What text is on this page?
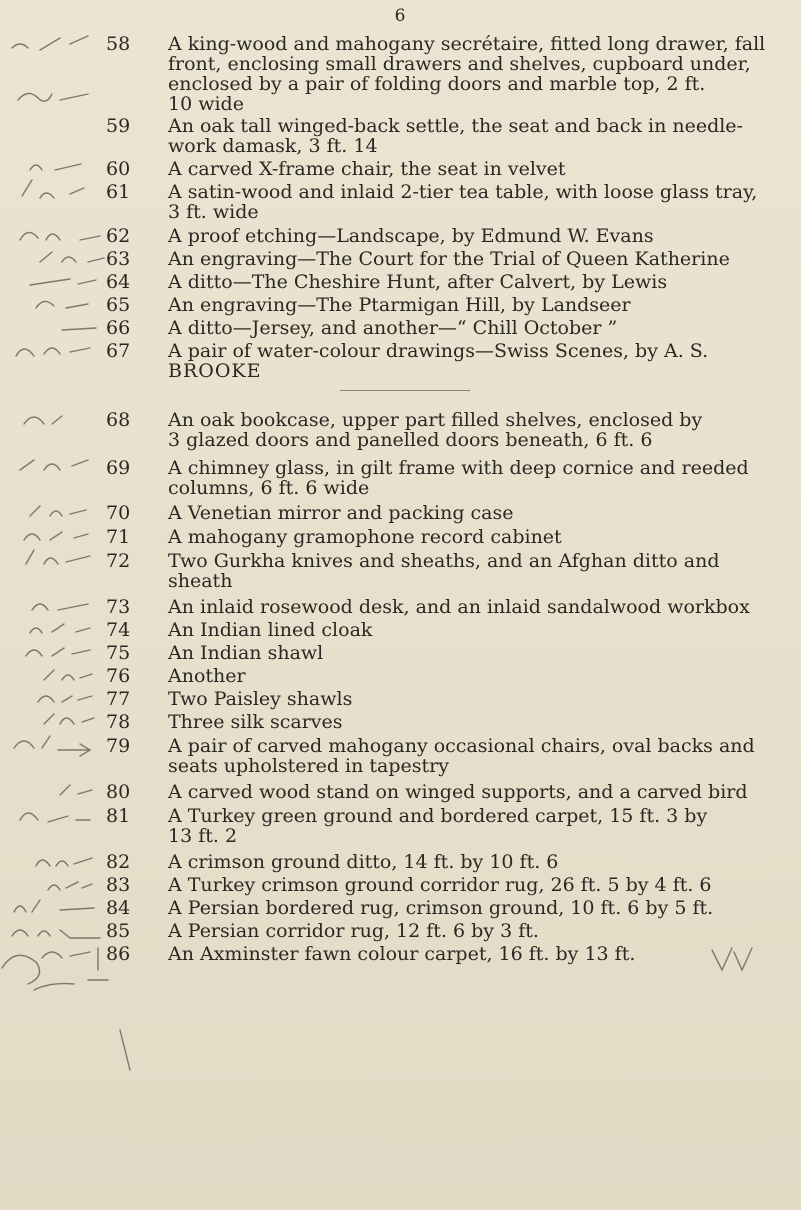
6
58	A king-wood and mahogany secrétaire, fitted long drawer, fall
front, enclosing small drawers and shelves, cupboard under,
enclosed by a pair of folding doors and marble top, 2 ft.
10 wide
59	An oak tall winged-back settle, the seat and back in needle-
work damask, 3 ft. 14
60	A carved X-frame chair, the seat in velvet
61	A satin-wood and inlaid 2-tier tea table, with loose glass tray,
3 ft. wide
62	A proof etching—Landscape, by Edmund W. Evans
63	An engraving—The Court for the Trial of Queen Katherine
64	A ditto—The Cheshire Hunt, after Calvert, by Lewis
65	An engraving—The Ptarmigan Hill, by Landseer
66	A ditto—Jersey, and another—“ Chill October ”
67	A pair of water-colour drawings—Swiss Scenes, by A. S.
BROOKE
68	An oak bookcase, upper part filled shelves, enclosed by
3 glazed doors and panelled doors beneath, 6 ft. 6
69	A chimney glass, in gilt frame with deep cornice and reeded
columns, 6 ft. 6 wide
70	A Venetian mirror and packing case
71	A mahogany gramophone record cabinet
72	Two Gurkha knives and sheaths, and an Afghan ditto and
sheath
73	An inlaid rosewood desk, and an inlaid sandalwood workbox
74	An Indian lined cloak
75	An Indian shawl
76	Another
77	Two Paisley shawls
78	Three silk scarves
79	A pair of carved mahogany occasional chairs, oval backs and
seats upholstered in tapestry
80	A carved wood stand on winged supports, and a carved bird
81	A Turkey green ground and bordered carpet, 15 ft. 3 by
13 ft. 2
82	A crimson ground ditto, 14 ft. by 10 ft. 6
83	A Turkey crimson ground corridor rug, 26 ft. 5 by 4 ft. 6
84	A Persian bordered rug, crimson ground, 10 ft. 6 by 5 ft.
85	A Persian corridor rug, 12 ft. 6 by 3 ft.
86	An Axminster fawn colour carpet, 16 ft. by 13 ft.
